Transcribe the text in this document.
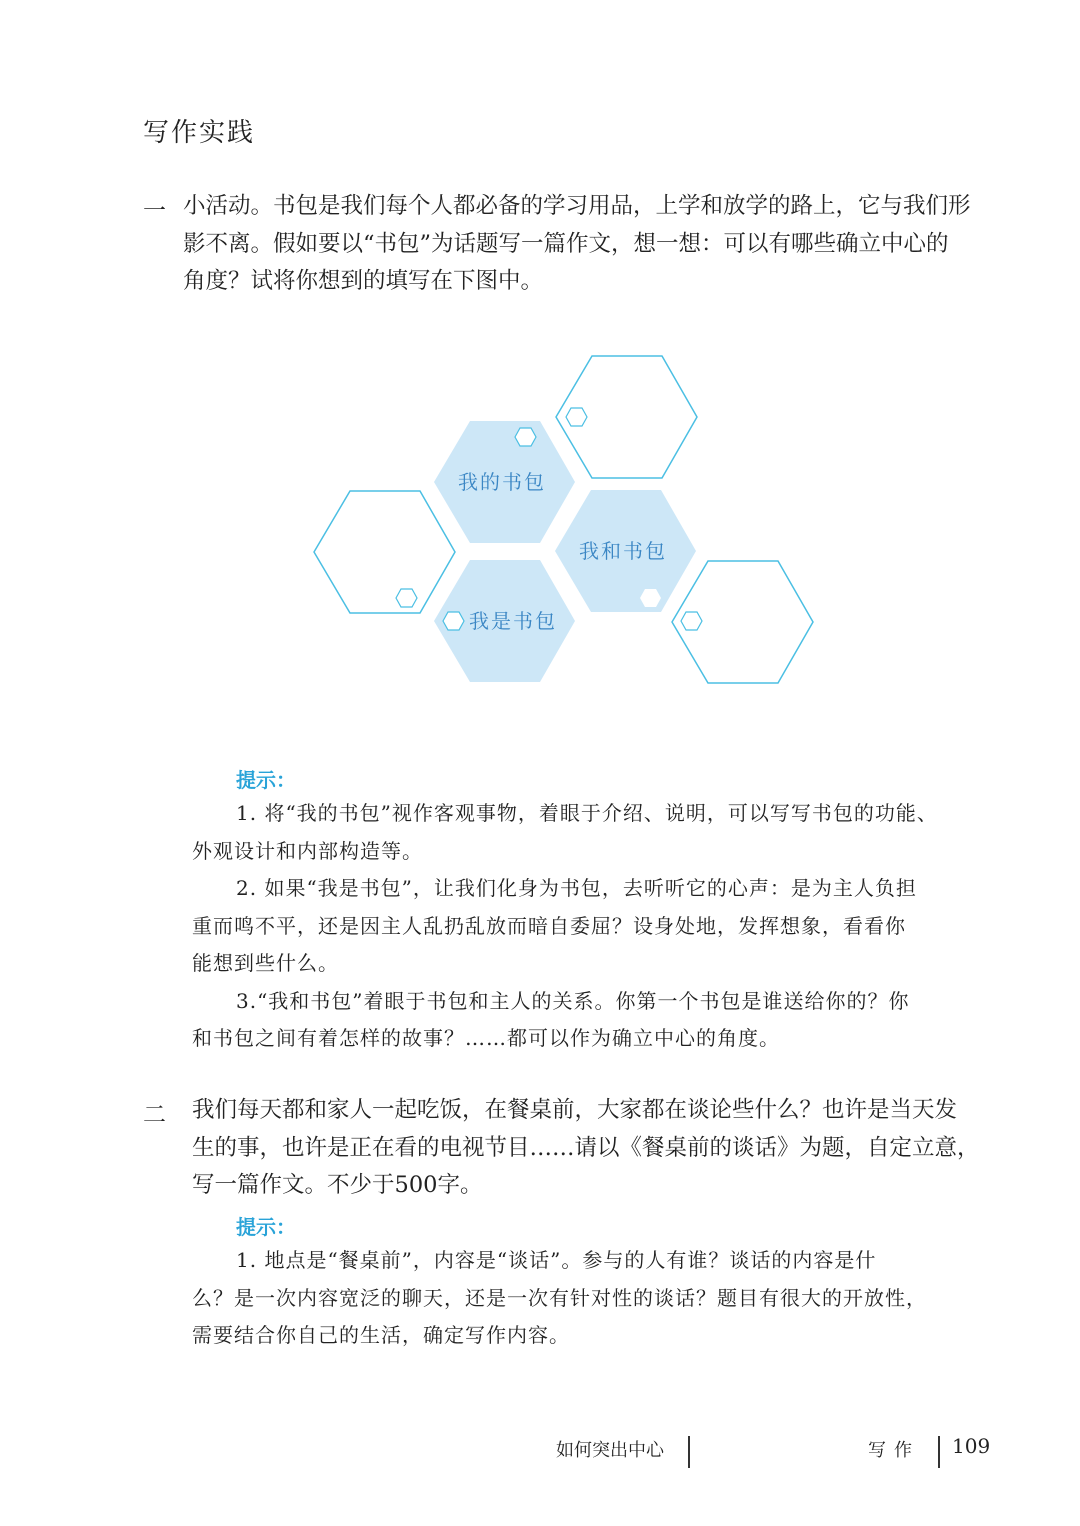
写作实践
一 小活动。书包是我们每个人都必备的学习用品，上学和放学的路上，它与我们形
影不离。假如要以“书包”为话题写一篇作文，想一想：可以有哪些确立中心的
角度？试将你想到的填写在下图中。
我的书包
我和书包
我是书包
提示：
1. 将“我的书包”视作客观事物，着眼于介绍、说明，可以写写书包的功能、
外观设计和内部构造等。
2. 如果“我是书包”，让我们化身为书包，去听听它的心声：是为主人负担
重而鸣不平，还是因主人乱扔乱放而暗自委屈？设身处地，发挥想象，看看你
能想到些什么。
3.“我和书包”着眼于书包和主人的关系。你第一个书包是谁送给你的？你
和书包之间有着怎样的故事？……都可以作为确立中心的角度。
二 我们每天都和家人一起吃饭，在餐桌前，大家都在谈论些什么？也许是当天发
生的事，也许是正在看的电视节目……请以《餐桌前的谈话》为题，自定立意，
写一篇作文。不少于500字。
提示：
1. 地点是“餐桌前”，内容是“谈话”。参与的人有谁？谈话的内容是什
么？是一次内容宽泛的聊天，还是一次有针对性的谈话？题目有很大的开放性，
需要结合你自己的生活，确定写作内容。
如何突出中心	写作 109
